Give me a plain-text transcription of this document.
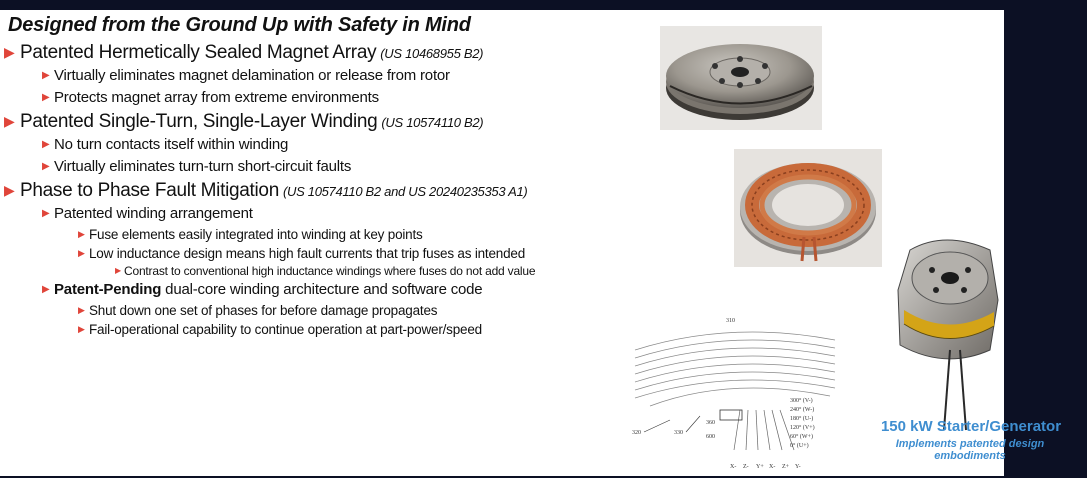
Designed from the Ground Up with Safety in Mind
▶ Patented Hermetically Sealed Magnet Array (US 10468955 B2)
▶ Virtually eliminates magnet delamination or release from rotor
▶ Protects magnet array from extreme environments
▶ Patented Single-Turn, Single-Layer Winding (US 10574110 B2)
▶ No turn contacts itself within winding
▶ Virtually eliminates turn-turn short-circuit faults
▶ Phase to Phase Fault Mitigation (US 10574110 B2 and US 20240235353 A1)
▶ Patented winding arrangement
▶ Fuse elements easily integrated into winding at key points
▶ Low inductance design means high fault currents that trip fuses as intended
▶ Contrast to conventional high inductance windings where fuses do not add value
▶ Patent-Pending dual-core winding architecture and software code
▶ Shut down one set of phases for before damage propagates
▶ Fail-operational capability to continue operation at part-power/speed
310
320	330
360
600
300° (V-)
240° (W-)
180° (U-)
120° (V+)
60° (W+)
0° (U+)
X- Z- Y+ X- Z+ Y-
150 kW Starter/Generator
Implements patented design embodiments
